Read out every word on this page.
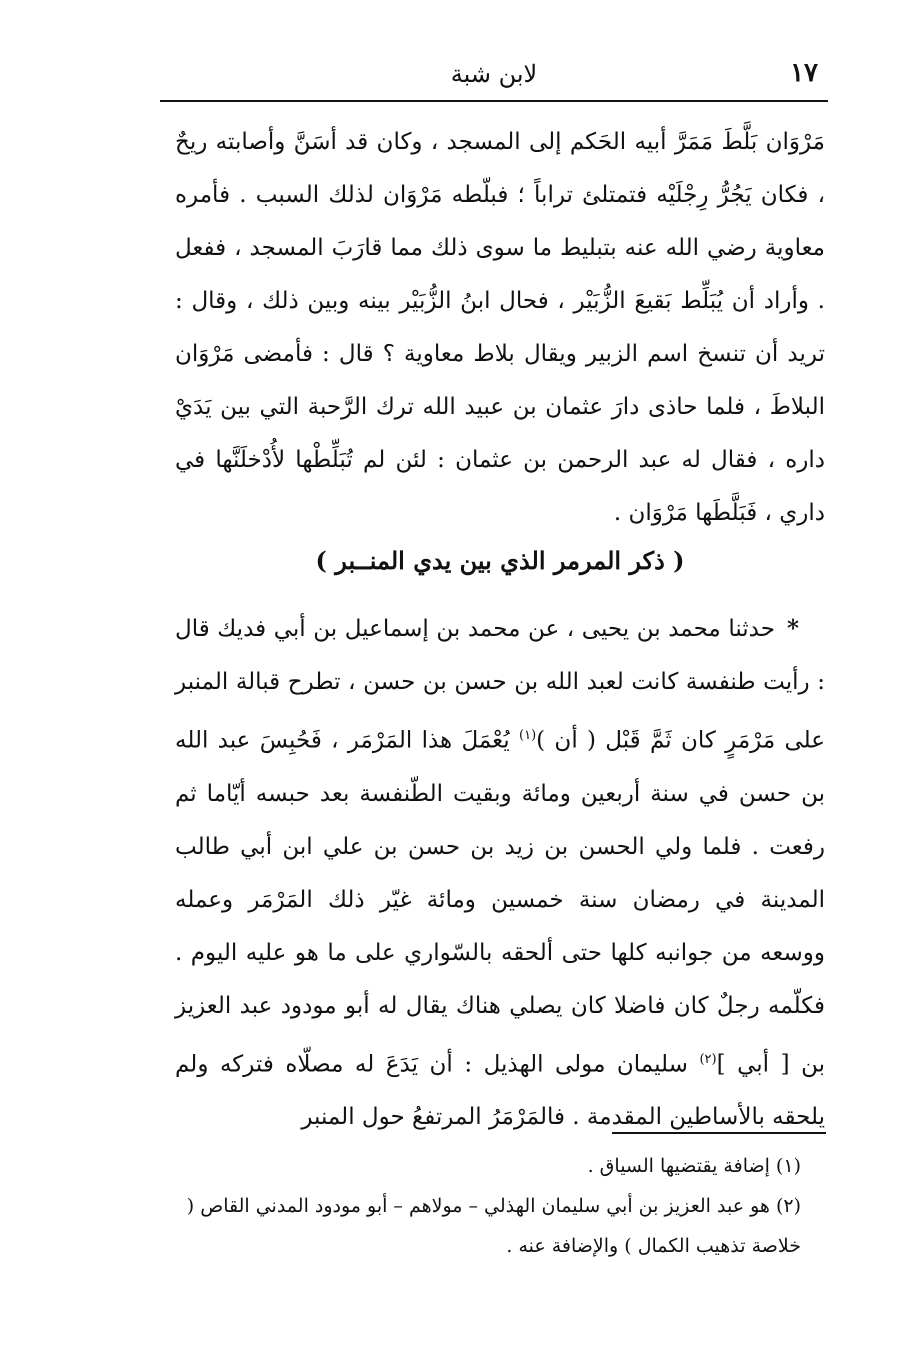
١٧
لابن شبة
مَرْوَان بَلَّطَ مَمَرَّ أبيه الحَكم إلى المسجد ، وكان قد أسَنَّ وأصابته ريحٌ ، فكان يَجُرُّ رِجْلَيْه فتمتلئ تراباً ؛ فبلّطه مَرْوَان لذلك السبب . فأمره معاوية رضي الله عنه بتبليط ما سوى ذلك مما قارَبَ المسجد ، ففعل . وأراد أن يُبَلِّط بَقيعَ الزُّبَيْر ، فحال ابنُ الزُّبَيْر بينه وبين ذلك ، وقال : تريد أن تنسخ اسم الزبير ويقال بلاط معاوية ؟ قال : فأمضى مَرْوَان البلاطَ ، فلما حاذى دارَ عثمان بن عبيد الله ترك الرَّحبة التي بين يَدَيْ داره ، فقال له عبد الرحمن بن عثمان : لئن لم تُبَلِّطْها لأُدْخلَنَّها في داري ، فَبَلَّطَها مَرْوَان .
( ذكر المرمر الذي بين يدي المنــبر )
*حدثنا محمد بن يحيى ، عن محمد بن إسماعيل بن أبي فديك قال : رأيت طنفسة كانت لعبد الله بن حسن بن حسن ، تطرح قبالة المنبر على مَرْمَرٍ كان ثَمَّ قَبْل ( أن )$^{(١)}$ يُعْمَلَ هذا المَرْمَر ، فَحُبِسَ عبد الله بن حسن في سنة أربعين ومائة وبقيت الطّنفسة بعد حبسه أيّاما ثم رفعت . فلما ولي الحسن بن زيد بن حسن بن علي ابن أبي طالب المدينة في رمضان سنة خمسين ومائة غيّر ذلك المَرْمَر وعمله ووسعه من جوانبه كلها حتى ألحقه بالسّواري على ما هو عليه اليوم . فكلّمه رجلٌ كان فاضلا كان يصلي هناك يقال له أبو مودود عبد العزيز بن [ أبي ]$^{(٢)}$ سليمان مولى الهذيل : أن يَدَعَ له مصلّاه فتركه ولم يلحقه بالأساطين المقدمة . فالمَرْمَرُ المرتفعُ حول المنبر

(١) إضافة يقتضيها السياق .

(٢) هو عبد العزيز بن أبي سليمان الهذلي – مولاهم – أبو مودود المدني القاص ( خلاصة تذهيب الكمال ) والإضافة عنه .
